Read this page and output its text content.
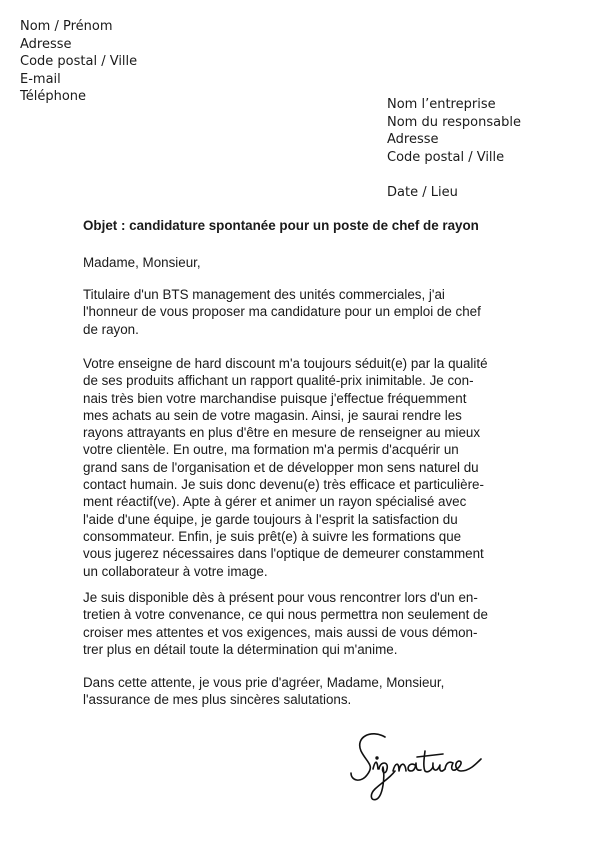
Nom / Prénom
Adresse
Code postal / Ville
E-mail
Téléphone
Nom l’entreprise
Nom du responsable
Adresse
Code postal / Ville
Date / Lieu
Objet : candidature spontanée pour un poste de chef de rayon
Madame, Monsieur,
Titulaire d'un BTS management des unités commerciales, j'ai
l'honneur de vous proposer ma candidature pour un emploi de chef
de rayon.
Votre enseigne de hard discount m'a toujours séduit(e) par la qualité
de ses produits affichant un rapport qualité-prix inimitable. Je con-
nais très bien votre marchandise puisque j'effectue fréquemment
mes achats au sein de votre magasin. Ainsi, je saurai rendre les
rayons attrayants en plus d'être en mesure de renseigner au mieux
votre clientèle. En outre, ma formation m'a permis d'acquérir un
grand sans de l'organisation et de développer mon sens naturel du
contact humain. Je suis donc devenu(e) très efficace et particulière-
ment réactif(ve). Apte à gérer et animer un rayon spécialisé avec
l'aide d'une équipe, je garde toujours à l'esprit la satisfaction du
consommateur. Enfin, je suis prêt(e) à suivre les formations que
vous jugerez nécessaires dans l'optique de demeurer constamment
un collaborateur à votre image.
Je suis disponible dès à présent pour vous rencontrer lors d'un en-
tretien à votre convenance, ce qui nous permettra non seulement de
croiser mes attentes et vos exigences, mais aussi de vous démon-
trer plus en détail toute la détermination qui m'anime.
Dans cette attente, je vous prie d'agréer, Madame, Monsieur,
l'assurance de mes plus sincères salutations.
